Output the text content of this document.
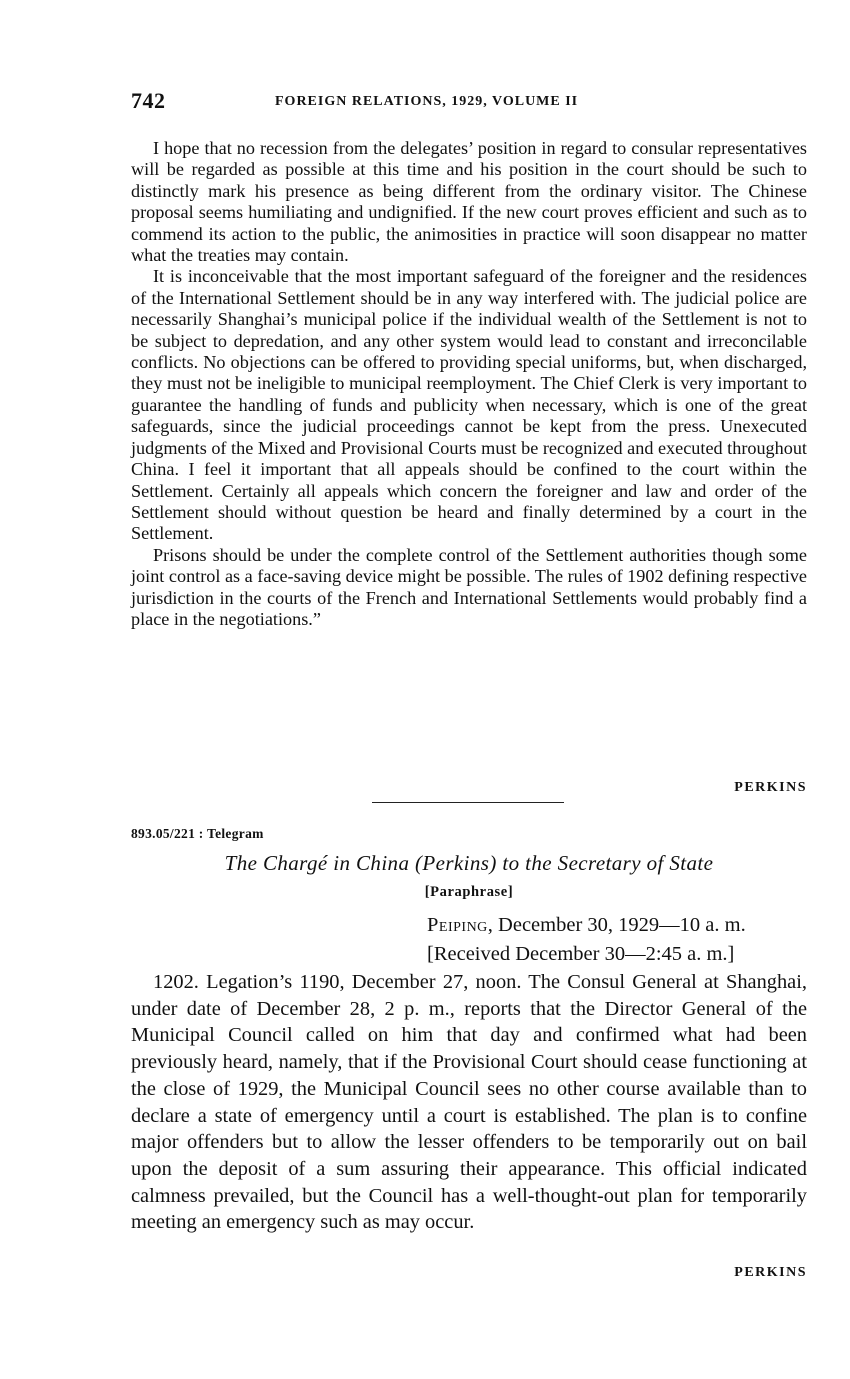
742	FOREIGN RELATIONS, 1929, VOLUME II

I hope that no recession from the delegates’ position in regard to consular representatives will be regarded as possible at this time and his position in the court should be such to distinctly mark his presence as being different from the ordinary visitor. The Chinese proposal seems humiliating and undignified. If the new court proves efficient and such as to commend its action to the public, the animosities in practice will soon disappear no matter what the treaties may contain.

It is inconceivable that the most important safeguard of the foreigner and the residences of the International Settlement should be in any way interfered with. The judicial police are necessarily Shanghai’s municipal police if the individual wealth of the Settlement is not to be subject to depredation, and any other system would lead to constant and irreconcilable conflicts. No objections can be offered to providing special uniforms, but, when discharged, they must not be ineligible to municipal reemployment. The Chief Clerk is very important to guarantee the handling of funds and publicity when necessary, which is one of the great safeguards, since the judicial proceedings cannot be kept from the press. Unexecuted judgments of the Mixed and Provisional Courts must be recognized and executed throughout China. I feel it important that all appeals should be confined to the court within the Settlement. Certainly all appeals which concern the foreigner and law and order of the Settlement should without question be heard and finally determined by a court in the Settlement.

Prisons should be under the complete control of the Settlement authorities though some joint control as a face-saving device might be possible. The rules of 1902 defining respective jurisdiction in the courts of the French and International Settlements would probably find a place in the negotiations.”

PERKINS
893.05/221 : Telegram
The Chargé in China (Perkins) to the Secretary of State
[Paraphrase]
Peiping, December 30, 1929—10 a. m.
[Received December 30—2:45 a. m.]

1202. Legation’s 1190, December 27, noon. The Consul General at Shanghai, under date of December 28, 2 p. m., reports that the Director General of the Municipal Council called on him that day and confirmed what had been previously heard, namely, that if the Provisional Court should cease functioning at the close of 1929, the Municipal Council sees no other course available than to declare a state of emergency until a court is established. The plan is to confine major offenders but to allow the lesser offenders to be temporarily out on bail upon the deposit of a sum assuring their appearance. This official indicated calmness prevailed, but the Council has a well-thought-out plan for temporarily meeting an emergency such as may occur.

PERKINS
